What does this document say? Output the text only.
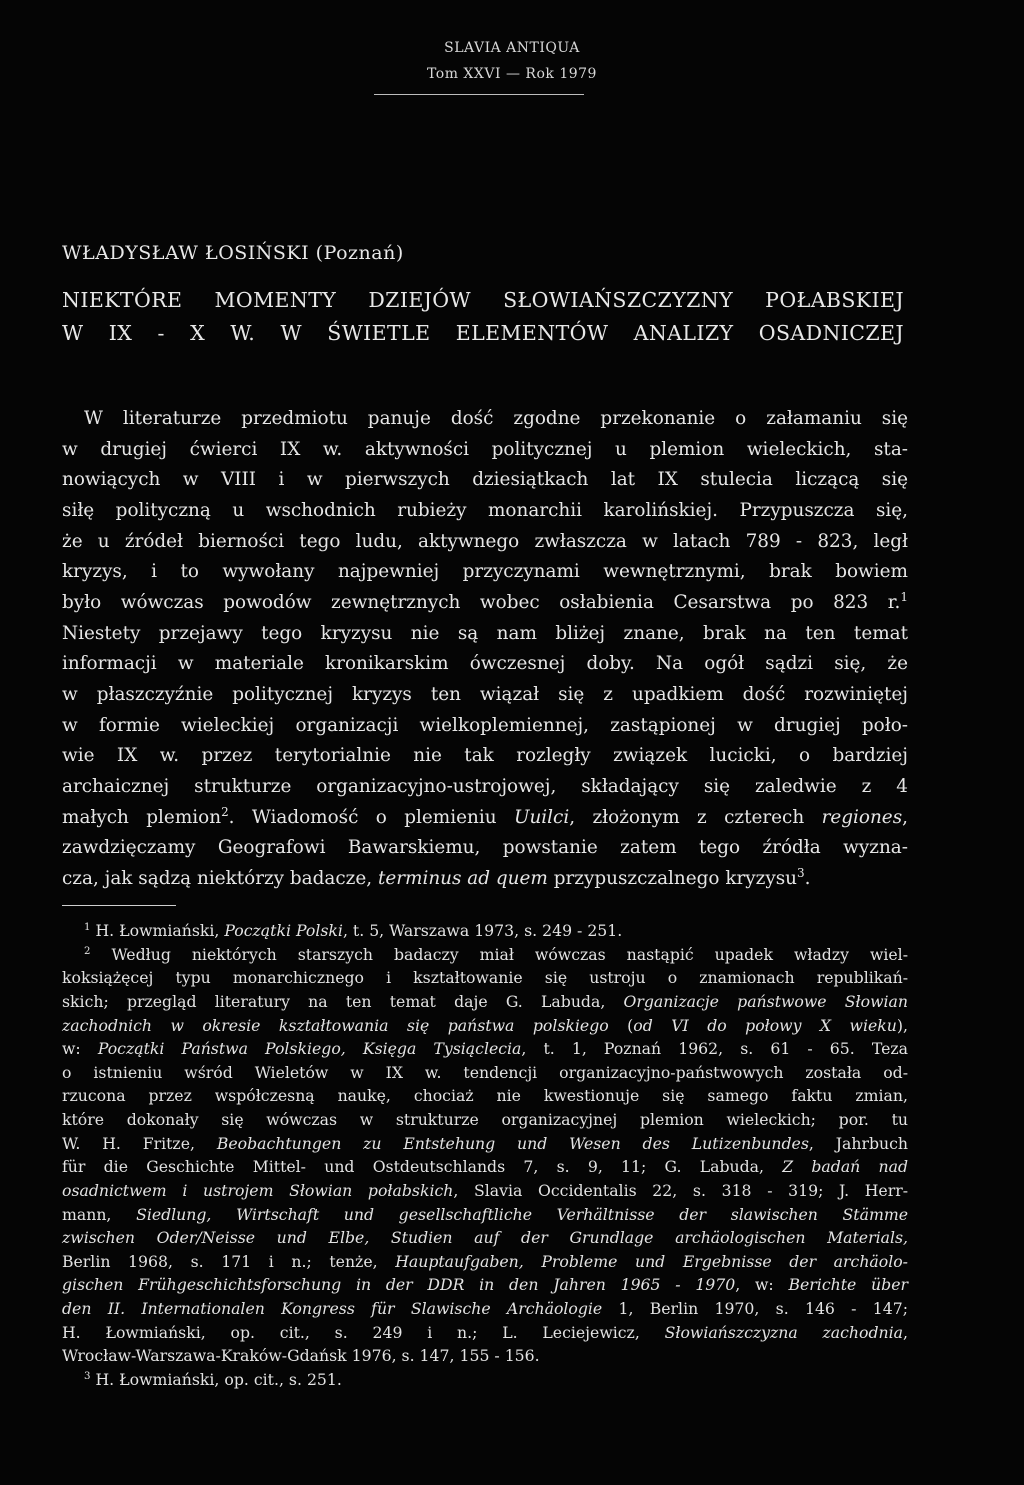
SLAVIA ANTIQUA
Tom XXVI — Rok 1979
WŁADYSŁAW ŁOSIŃSKI (Poznań)
NIEKTÓRE MOMENTY DZIEJÓW SŁOWIAŃSZCZYZNY POŁABSKIEJ
W IX - X W. W ŚWIETLE ELEMENTÓW ANALIZY OSADNICZEJ
W literaturze przedmiotu panuje dość zgodne przekonanie o załamaniu się
w drugiej ćwierci IX w. aktywności politycznej u plemion wieleckich, sta-
nowiących w VIII i w pierwszych dziesiątkach lat IX stulecia liczącą się
siłę polityczną u wschodnich rubieży monarchii karolińskiej. Przypuszcza się,
że u źródeł bierności tego ludu, aktywnego zwłaszcza w latach 789 - 823, legł
kryzys, i to wywołany najpewniej przyczynami wewnętrznymi, brak bowiem
było wówczas powodów zewnętrznych wobec osłabienia Cesarstwa po 823 r.$^1$
Niestety przejawy tego kryzysu nie są nam bliżej znane, brak na ten temat
informacji w materiale kronikarskim ówczesnej doby. Na ogół sądzi się, że
w płaszczyźnie politycznej kryzys ten wiązał się z upadkiem dość rozwiniętej
w formie wieleckiej organizacji wielkoplemiennej, zastąpionej w drugiej poło-
wie IX w. przez terytorialnie nie tak rozległy związek lucicki, o bardziej
archaicznej strukturze organizacyjno-ustrojowej, składający się zaledwie z 4
małych plemion$^2$. Wiadomość o plemieniu Uuilci, złożonym z czterech regiones,
zawdzięczamy Geografowi Bawarskiemu, powstanie zatem tego źródła wyzna-
cza, jak sądzą niektórzy badacze, terminus ad quem przypuszczalnego kryzysu$^3$.
$^1$ H. Łowmiański, Początki Polski, t. 5, Warszawa 1973, s. 249 - 251.
$^2$ Według niektórych starszych badaczy miał wówczas nastąpić upadek władzy wiel-
koksiążęcej typu monarchicznego i kształtowanie się ustroju o znamionach republikań-
skich; przegląd literatury na ten temat daje G. Labuda, Organizacje państwowe Słowian
zachodnich w okresie kształtowania się państwa polskiego (od VI do połowy X wieku),
w: Początki Państwa Polskiego, Księga Tysiąclecia, t. 1, Poznań 1962, s. 61 - 65. Teza
o istnieniu wśród Wieletów w IX w. tendencji organizacyjno-państwowych została od-
rzucona przez współczesną naukę, chociaż nie kwestionuje się samego faktu zmian,
które dokonały się wówczas w strukturze organizacyjnej plemion wieleckich; por. tu
W. H. Fritze, Beobachtungen zu Entstehung und Wesen des Lutizenbundes, Jahrbuch
für die Geschichte Mittel- und Ostdeutschlands 7, s. 9, 11; G. Labuda, Z badań nad
osadnictwem i ustrojem Słowian połabskich, Slavia Occidentalis 22, s. 318 - 319; J. Herr-
mann, Siedlung, Wirtschaft und gesellschaftliche Verhältnisse der slawischen Stämme
zwischen Oder/Neisse und Elbe, Studien auf der Grundlage archäologischen Materials,
Berlin 1968, s. 171 i n.; tenże, Hauptaufgaben, Probleme und Ergebnisse der archäolo-
gischen Frühgeschichtsforschung in der DDR in den Jahren 1965 - 1970, w: Berichte über
den II. Internationalen Kongress für Slawische Archäologie 1, Berlin 1970, s. 146 - 147;
H. Łowmiański, op. cit., s. 249 i n.; L. Leciejewicz, Słowiańszczyzna zachodnia,
Wrocław-Warszawa-Kraków-Gdańsk 1976, s. 147, 155 - 156.
$^3$ H. Łowmiański, op. cit., s. 251.
